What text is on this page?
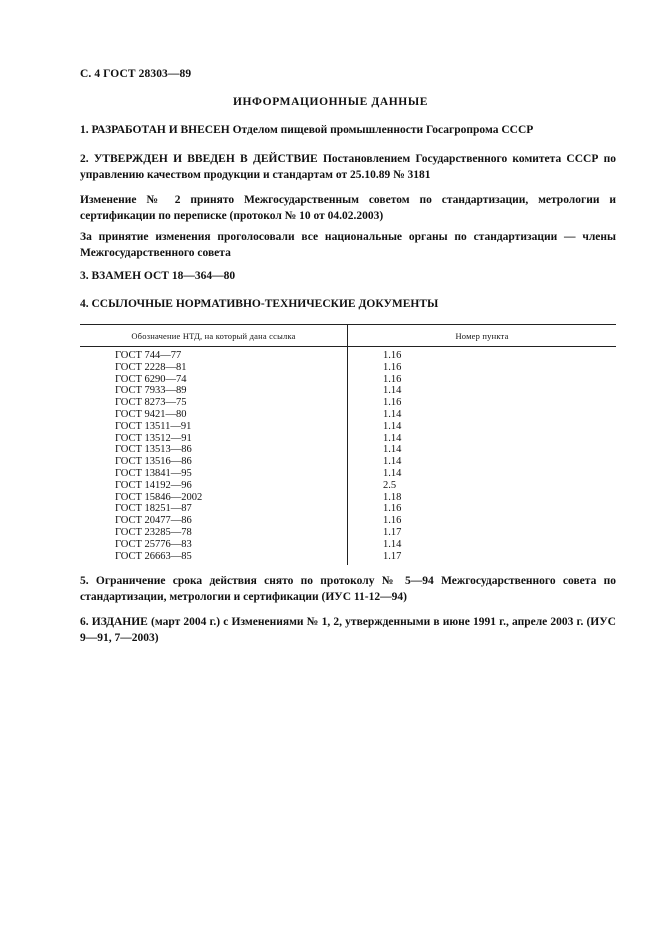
С. 4 ГОСТ 28303—89
ИНФОРМАЦИОННЫЕ ДАННЫЕ
1. РАЗРАБОТАН И ВНЕСЕН Отделом пищевой промышленности Госагропрома СССР
2. УТВЕРЖДЕН И ВВЕДЕН В ДЕЙСТВИЕ Постановлением Государственного комитета СССР по управлению качеством продукции и стандартам от 25.10.89 № 3181
Изменение № 2 принято Межгосударственным советом по стандартизации, метрологии и сертификации по переписке (протокол № 10 от 04.02.2003)
За принятие изменения проголосовали все национальные органы по стандартизации — члены Межгосударственного совета
3. ВЗАМЕН ОСТ 18—364—80
4. ССЫЛОЧНЫЕ НОРМАТИВНО-ТЕХНИЧЕСКИЕ ДОКУМЕНТЫ
Обозначение НТД, на который дана ссылка	Номер пункта
ГОСТ 744—77	1.16
ГОСТ 2228—81	1.16
ГОСТ 6290—74	1.16
ГОСТ 7933—89	1.14
ГОСТ 8273—75	1.16
ГОСТ 9421—80	1.14
ГОСТ 13511—91	1.14
ГОСТ 13512—91	1.14
ГОСТ 13513—86	1.14
ГОСТ 13516—86	1.14
ГОСТ 13841—95	1.14
ГОСТ 14192—96	2.5
ГОСТ 15846—2002	1.18
ГОСТ 18251—87	1.16
ГОСТ 20477—86	1.16
ГОСТ 23285—78	1.17
ГОСТ 25776—83	1.14
ГОСТ 26663—85	1.17
5. Ограничение срока действия снято по протоколу № 5—94 Межгосударственного совета по стандартизации, метрологии и сертификации (ИУС 11-12—94)
6. ИЗДАНИЕ (март 2004 г.) с Изменениями № 1, 2, утвержденными в июне 1991 г., апреле 2003 г. (ИУС 9—91, 7—2003)
